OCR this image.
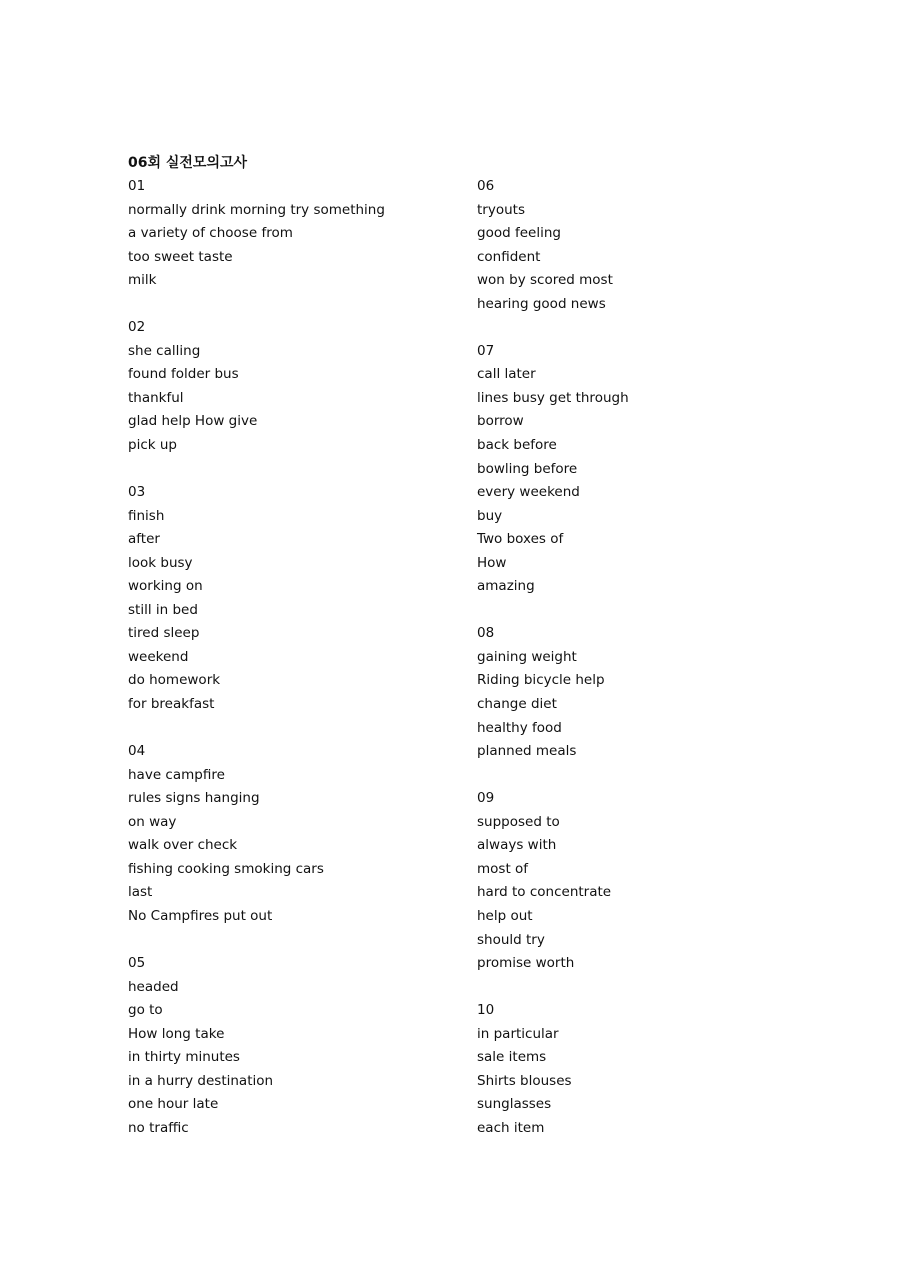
06회 실전모의고사
01
normally drink morning try something
a variety of choose from
too sweet taste
milk
02
she calling
found folder bus
thankful
glad help How give
pick up
03
finish
after
look busy
working on
still in bed
tired sleep
weekend
do homework
for breakfast
04
have campfire
rules signs hanging
on way
walk over check
fishing cooking smoking cars
last
No Campfires put out
05
headed
go to
How long take
in thirty minutes
in a hurry destination
one hour late
no traffic
06
tryouts
good feeling
confident
won by scored most
hearing good news
07
call later
lines busy get through
borrow
back before
bowling before
every weekend
buy
Two boxes of
How
amazing
08
gaining weight
Riding bicycle help
change diet
healthy food
planned meals
09
supposed to
always with
most of
hard to concentrate
help out
should try
promise worth
10
in particular
sale items
Shirts blouses
sunglasses
each item
